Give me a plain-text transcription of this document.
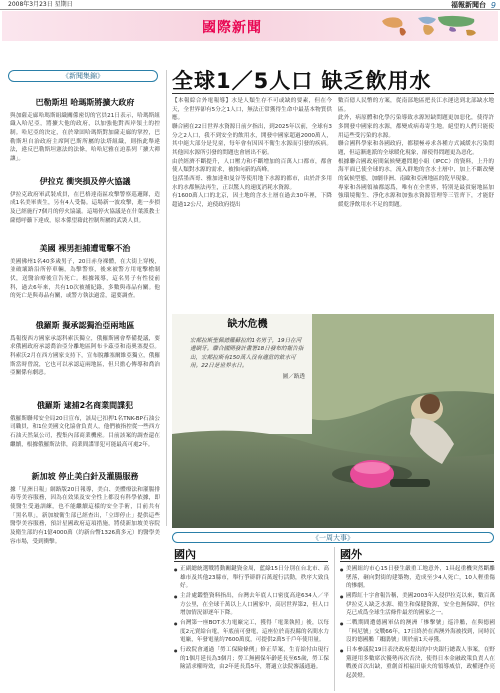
2008年3月23日 星期日	福報新聞台 9
國際新聞
《新聞集錦》
巴勒斯坦 哈瑪斯將擴大政府

與加薩走廊哈瑪斯組織關係密切的官員21日表示，哈瑪斯組織入哈尼亞，將擴大他的政府，以加強他對西岸領土的控制。哈尼亞的決定，在於鞏固哈瑪斯對加薩走廊的掌控，巴勒斯坦自治政府主席阿巴斯所屬的法塔組織，則指此舉違法，違反巴勒斯坦憲法的法條，哈哈尼雅在迫系列「擴大禪讓」。

伊拉克 衝突損及停火協議

伊拉克政府軍武裝成員，在巴格達南區攻擊警察巡邏隊，造成1名美軍喪生，另有4人受傷。這場新一波攻擊，進一步損及已經施行7個月的停火協議。這場停火協議是在什葉派教士薩德呼籲下達成，原本係望藉此控制所屬的武裝人員。

美國 裸男拒捕遭電擊不治

美國佛州1名40多歲男子，20日赤身裸體，在大街上穿梭，並破壞路沿所停車輛，為擊警察，後來被警方用電擊槍制伏，送醫治療後宣告死亡。根據報導，這名男子有性侵前科，過去6年來，共有10次被捕紀錄，多數與毒品有關。他的死亡是與毒品有關，或警方執法過當，還要調查。

俄羅斯 擬承認獨治亞兩地區

爲報復西方國家承認科索沃獨立，俄羅斯國會準備提議，要求俄國政府承認喬治亞分離地區阿布卡茲亞和南奧塞提亞。科索沃2月在西方國家支持下，宣布脫離塞爾維亞獨立，俄羅斯當時曾說，它也可以承認這兩地區，但只擔心傳導和喬治亞關係有劇惡。

俄羅斯 逮捕2名商業間諜犯

俄羅斯聯邦安全局20日宣布，該局已扣押1名TNK-BP石油公司職員，和1位美國文化協會負責人，他們被指控從一些西方石油天然氣公司，搜集內部商業機密。目前該案的調查還在繼續，根據俄羅斯法律，商業間諜罪犯可能最高可處2年。

新加坡 停止美白針及灌腸服務

據「星洲日報」網路版20日報導，美白、美體療法和灌腸排毒等美容服務，因為在效果及安全性上都沒有科學依據，即使醫生受過訓練，也不能繼續這樣的安全手術，目前共有「黑名單」，新加坡衛生部已經查出，「立即停止」提供這些醫學美容服務，預計星國政府這項措施，將使新加坡美容院及衛生部約有1億4000萬（約新台幣1326萬多元）的醫學美容市場，受到衝擊。

全球1／5人口 缺乏飲用水
【本報綜合外電報導】水是人類生存不可或缺的要素，但在今天，全世界卻有5分之1人口，無法正常獲得生命中最基本物質供應。
聯合國在22日世界水資源日前夕指出，到2025年以前，全球有3分之2人口，我不到安全的飲用水，開發中國家超過2000萬人，其中絕大部分是兒童，每年會有因因不衛生水源而引發的疾病。其他因水源所引發的問題也會層出不窮。
由於經濟不斷提升，人口壓力和不斷增加的百萬人口都市，都會使人類對水源的需求，被推向新的高峰。
包括墨西哥、雅加達和曼谷等使用地下水源的都市，由於許多用水的水都無法再生，正以驚人的速度消耗水資源。
有1600萬人口的北京，因土地的含水土層在過去30年裡，下降超過12公尺，迫使政府提出
數百億人民幣的方案，從南部地區把長江水運送到北部缺水地區。
此外，病原體和化學污染導致水源短缺問題更加惡化，使得許多開發中國家的水源，都變成病毒寄生地。絕望的人們只能使用這些受污染的水源。
聯合國科學家和各國政府，都積極尋求各種方式減緩水污染問題，但這漸進派的全球暖化現象，卻使得問題更為惡化。
根據聯合國政府間氣候變遷問題小組（IPCC）的資料，上升的海平面已使全球的水，流入群地的含水土層中，加上不斷改變的氣候型態，加劇非洲、南歐和亞洲地區的乾旱現象。
專家和各國領袖都認爲，唯有在全世界，特別是最貧窮地區加強環境衛生、淨化水源和加強水資源管理等三管齊下，才能舒緩乾淨飲用水不足的問題。
缺水危機
宏都拉斯聖佩德羅蘇拉的1名男子，19日在河邊刷牙。聯合國開發計畫署18日發布的報告指出，宏都拉斯有150萬人沒有適當的飲水可用。22日是世界水日。
圖／路透
《一周大事》
國內
● 正副總統選戰將動關鍵資金周，藍綠15日分別在台北市、高雄市及其他23縣市，舉行爭辯群百萬遊行活動，秩序大致良好。
● 主計處鑑整資料指出，台灣去年底人口密度高達634人／平方公里，在全球千萬以上人口國家中，高居世界第2，但人口增加情況卻逐年下降。
● 台灣第一座BOT水力電廠完工，獲得「電業執照」後，以每度2元賣給台電，年底前可發電，這座位於南投縣的名間水力電廠，年發電量約7600萬度，可提供2萬5千戶年使用量。
● 行政院會通過「勞工保險條例」修正草案，生育給付由現行的1個月延長為3個月；勞工無國保年齡延長至65歲，勞工保險請求權時效，由2年延長爲5年，將適立法院審議通過。
國外
● 美國紐約市心15日發生嚴重工地意外，1具起重機突然斷離墜落，砸向對街的建築物，造成至少4人死亡，10人輕重傷的慘劇。
● 國際紅十字會報告稱，美國2003年入侵伊拉克以來，數百萬伊拉克人缺乏水源、衛生和保健資源，安全也無保障，伊拉克已成爲全球生活條件最差的國家之一。
● 二戰期間遭德國軍佔的澳洲「慘擊號」巡洋艦，在與德國「柯尼號」交戰66年，17日終於在西澳外海被找到，同時沉沒的德國艦「鵰鵑號」則於前1天尋獲。
● 日本參議院19日表決政府提出的中央銀行總裁人事案，在野黨運用多數席次優勢再次否決，使得日本金融政策負責人在戰後首次出缺，重創首相福田康夫的領導威信，政權運作亮起黃燈。
